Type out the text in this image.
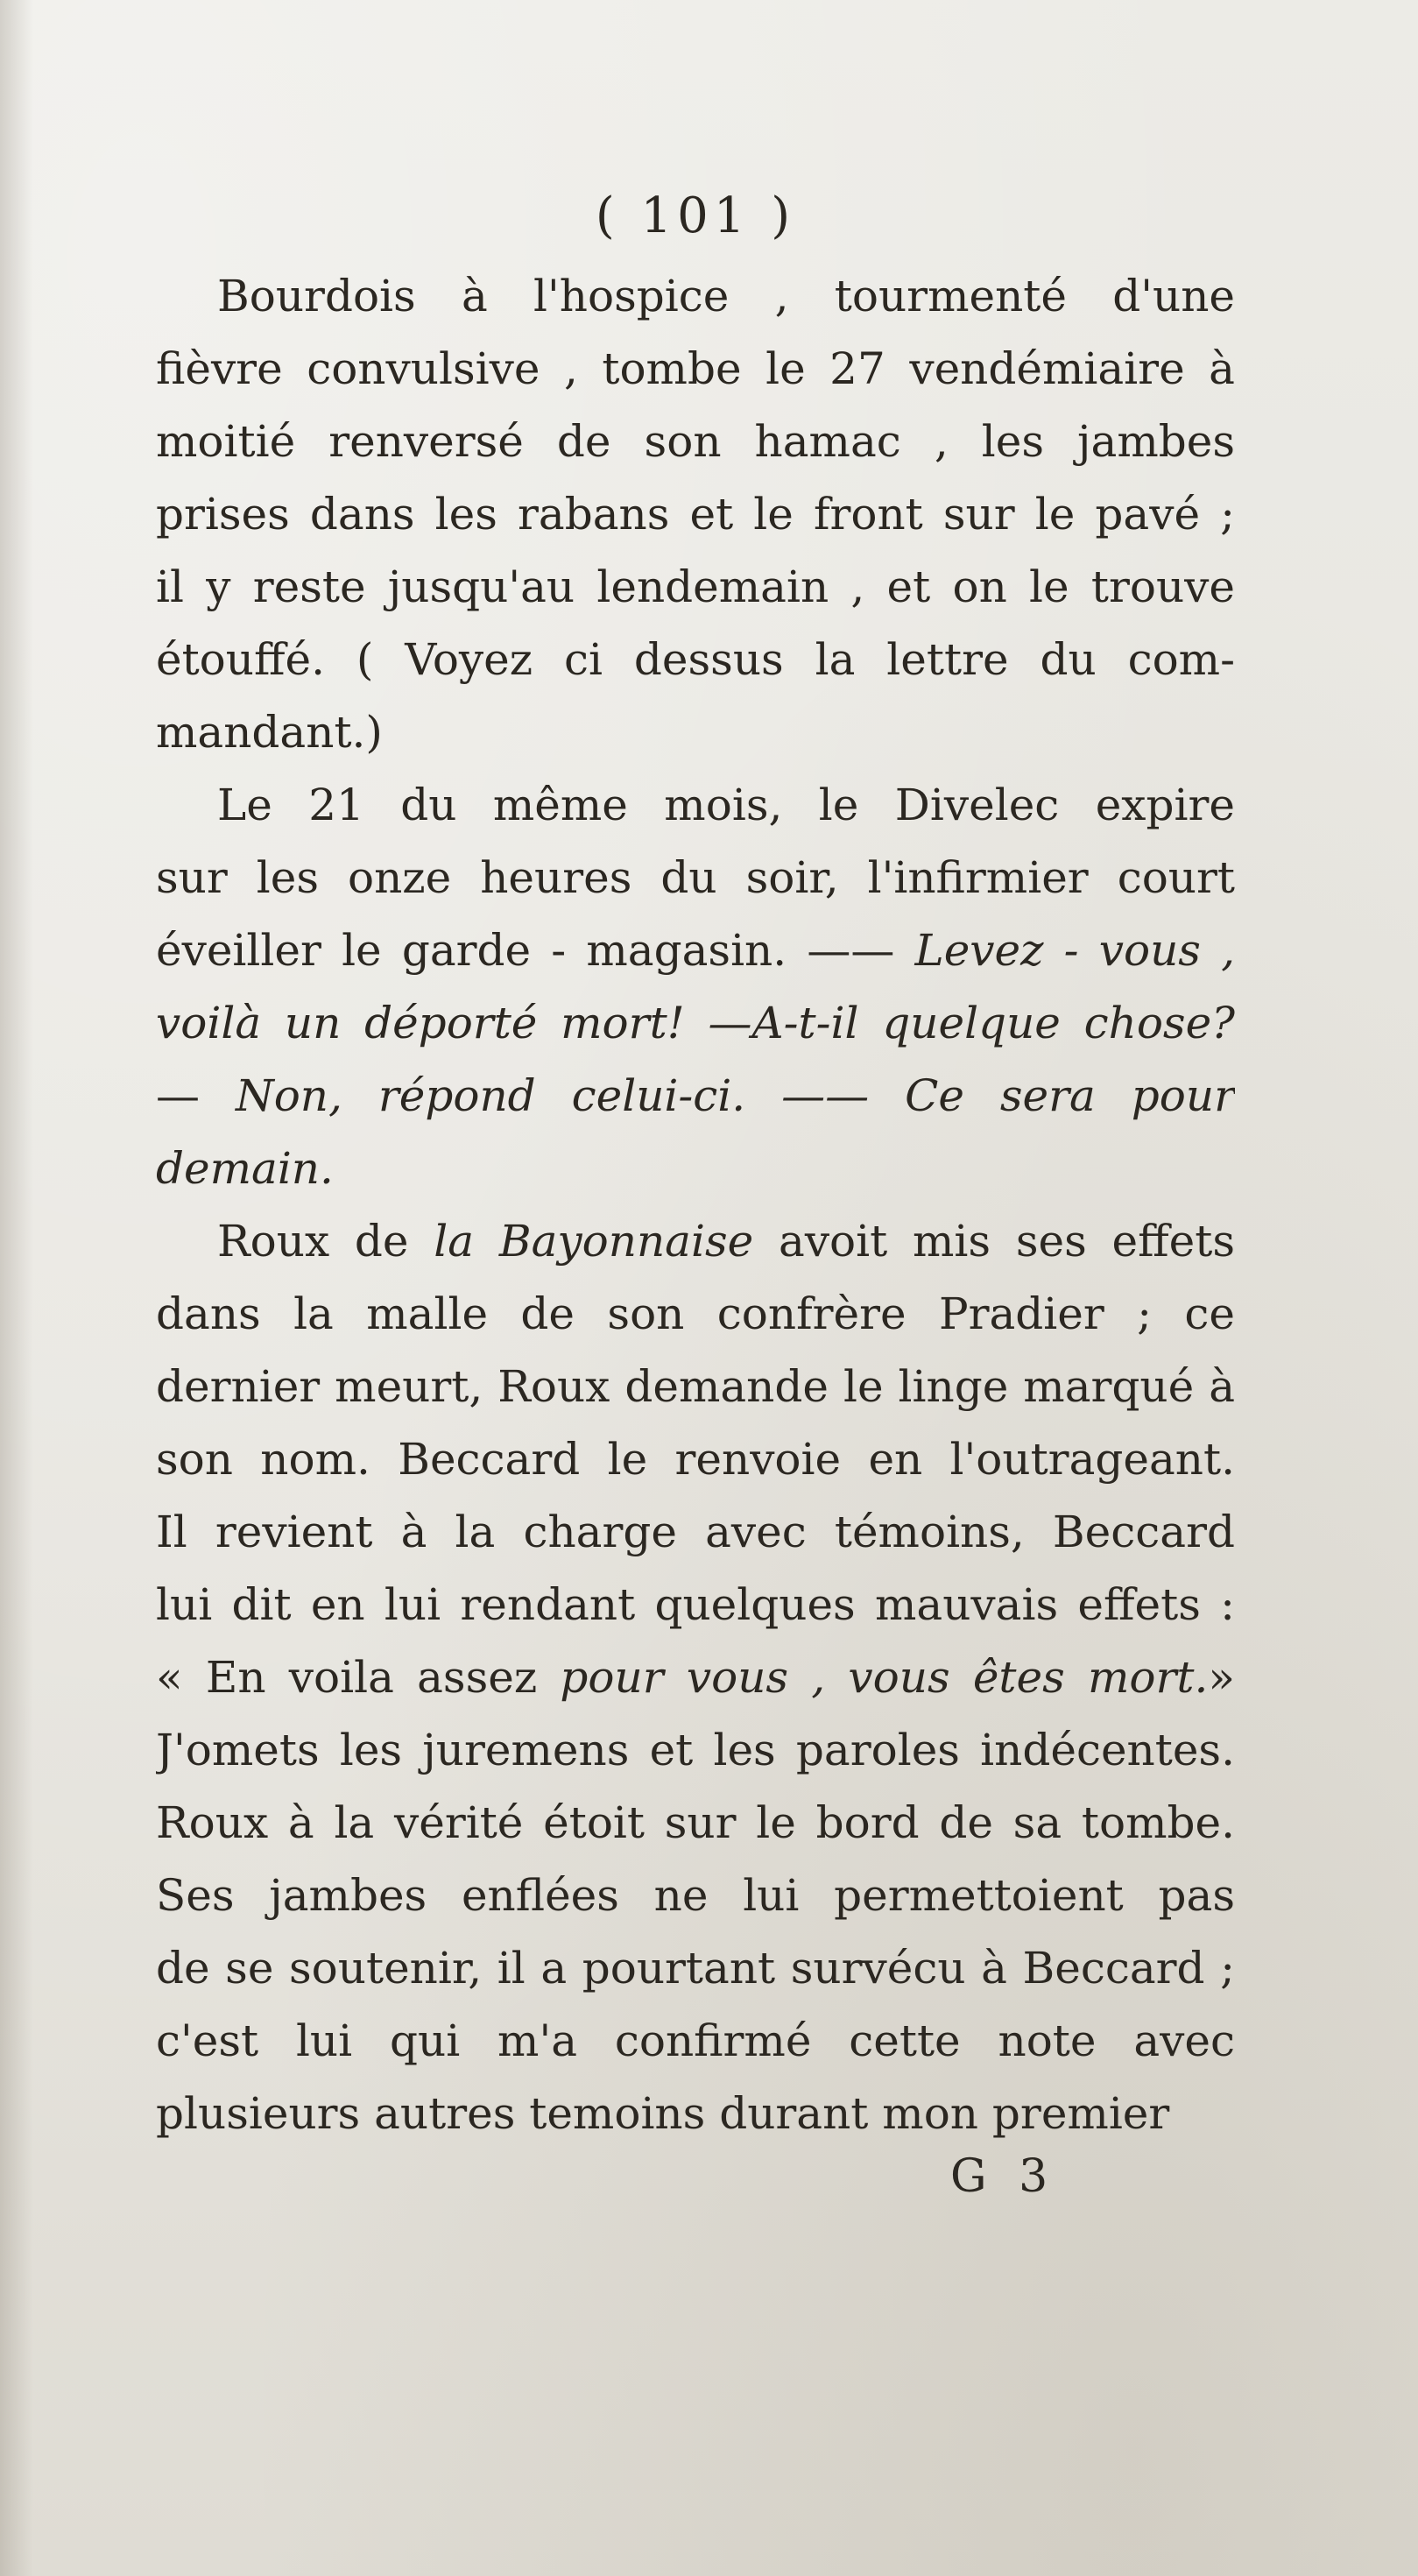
( 101 )
Bourdois à l'hospice , tourmenté d'une
fièvre convulsive , tombe le 27 vendémiaire à
moitié renversé de son hamac , les jambes
prises dans les rabans et le front sur le pavé ;
il y reste jusqu'au lendemain , et on le trouve
étouffé. ( Voyez ci dessus la lettre du com-
mandant.)
Le 21 du même mois, le Divelec expire
sur les onze heures du soir, l'infirmier court
éveiller le garde - magasin. —— Levez - vous ,
voilà un déporté mort! —A-t-il quelque chose?
— Non, répond celui-ci. —— Ce sera pour
demain.
Roux de la Bayonnaise avoit mis ses effets
dans la malle de son confrère Pradier ; ce
dernier meurt, Roux demande le linge marqué à
son nom. Beccard le renvoie en l'outrageant.
Il revient à la charge avec témoins, Beccard
lui dit en lui rendant quelques mauvais effets :
« En voila assez pour vous , vous êtes mort.»
J'omets les juremens et les paroles indécentes.
Roux à la vérité étoit sur le bord de sa tombe.
Ses jambes enflées ne lui permettoient pas
de se soutenir, il a pourtant survécu à Beccard ;
c'est lui qui m'a confirmé cette note avec
plusieurs autres temoins durant mon premier
G 3
